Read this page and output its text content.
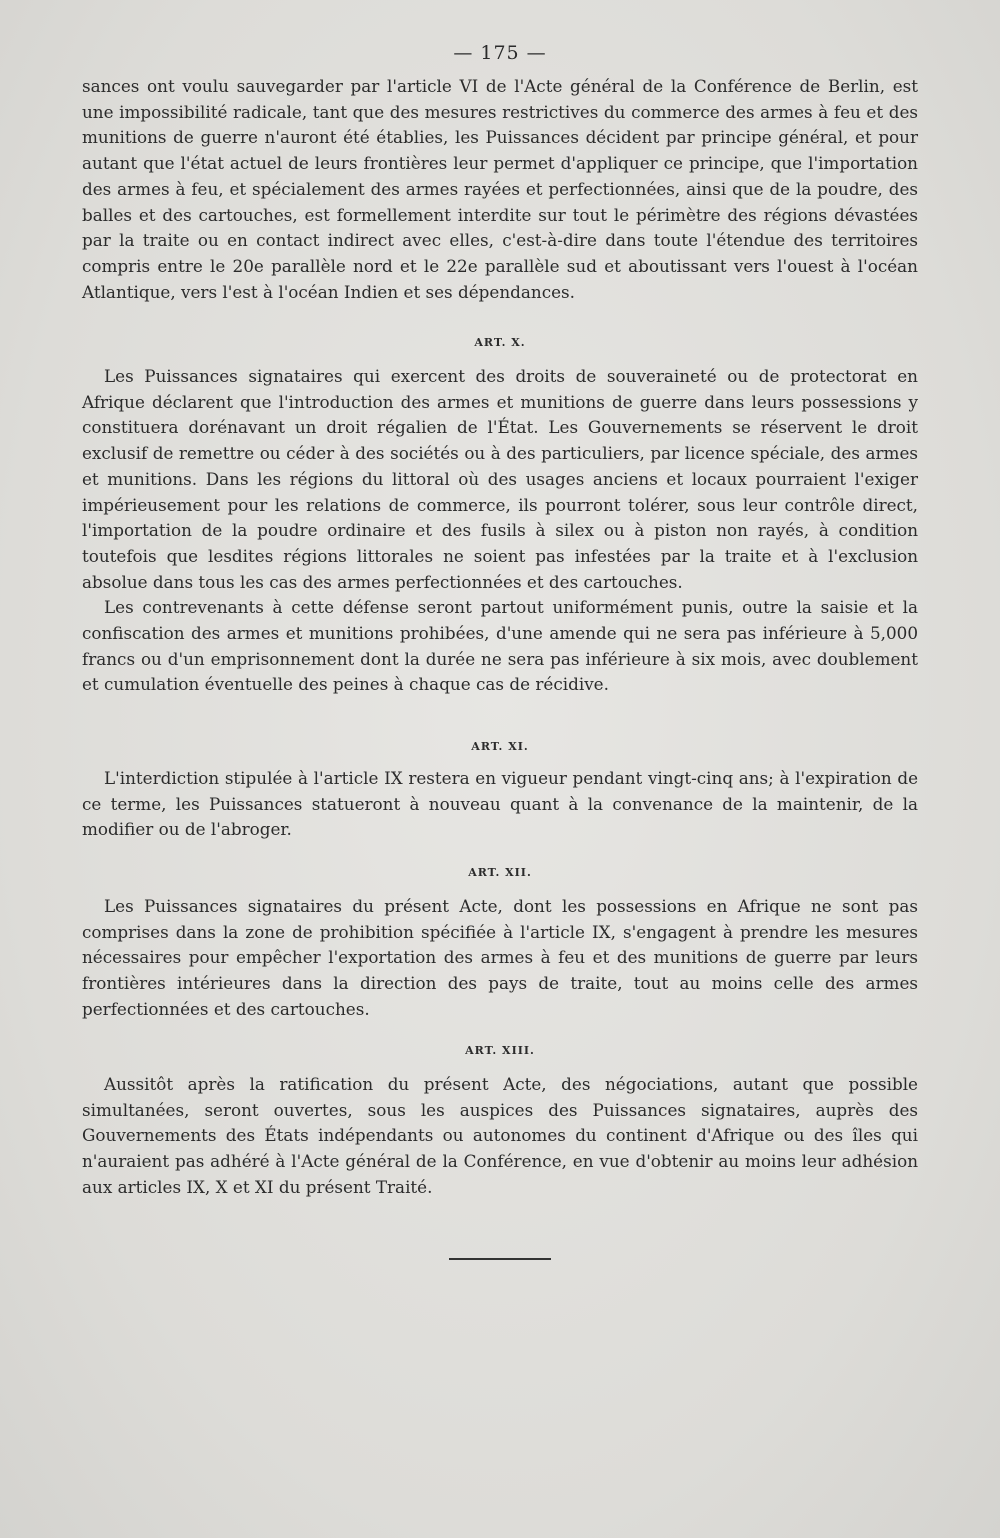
— 175 —

sances ont voulu sauvegarder par l'article VI de l'Acte général de la Conférence de Berlin, est une impossibilité radicale, tant que des mesures restrictives du commerce des armes à feu et des munitions de guerre n'auront été établies, les Puissances décident par principe général, et pour autant que l'état actuel de leurs frontières leur permet d'appliquer ce principe, que l'importation des armes à feu, et spécialement des armes rayées et perfectionnées, ainsi que de la poudre, des balles et des cartouches, est formellement interdite sur tout le périmètre des régions dévastées par la traite ou en contact indirect avec elles, c'est-à-dire dans toute l'étendue des territoires compris entre le 20e parallèle nord et le 22e parallèle sud et aboutissant vers l'ouest à l'océan Atlantique, vers l'est à l'océan Indien et ses dépendances.

ART. X.

Les Puissances signataires qui exercent des droits de souveraineté ou de protectorat en Afrique déclarent que l'introduction des armes et munitions de guerre dans leurs possessions y constituera dorénavant un droit régalien de l'État. Les Gouvernements se réservent le droit exclusif de remettre ou céder à des sociétés ou à des particuliers, par licence spéciale, des armes et munitions. Dans les régions du littoral où des usages anciens et locaux pourraient l'exiger impérieusement pour les relations de commerce, ils pourront tolérer, sous leur contrôle direct, l'importation de la poudre ordinaire et des fusils à silex ou à piston non rayés, à condition toutefois que lesdites régions littorales ne soient pas infestées par la traite et à l'exclusion absolue dans tous les cas des armes perfectionnées et des cartouches.

Les contrevenants à cette défense seront partout uniformément punis, outre la saisie et la confiscation des armes et munitions prohibées, d'une amende qui ne sera pas inférieure à 5,000 francs ou d'un emprisonnement dont la durée ne sera pas inférieure à six mois, avec doublement et cumulation éventuelle des peines à chaque cas de récidive.

ART. XI.

L'interdiction stipulée à l'article IX restera en vigueur pendant vingt-cinq ans; à l'expiration de ce terme, les Puissances statueront à nouveau quant à la convenance de la maintenir, de la modifier ou de l'abroger.

ART. XII.

Les Puissances signataires du présent Acte, dont les possessions en Afrique ne sont pas comprises dans la zone de prohibition spécifiée à l'article IX, s'engagent à prendre les mesures nécessaires pour empêcher l'exportation des armes à feu et des munitions de guerre par leurs frontières intérieures dans la direction des pays de traite, tout au moins celle des armes perfectionnées et des cartouches.

ART. XIII.

Aussitôt après la ratification du présent Acte, des négociations, autant que possible simultanées, seront ouvertes, sous les auspices des Puissances signataires, auprès des Gouvernements des États indépendants ou autonomes du continent d'Afrique ou des îles qui n'auraient pas adhéré à l'Acte général de la Conférence, en vue d'obtenir au moins leur adhésion aux articles IX, X et XI du présent Traité.
